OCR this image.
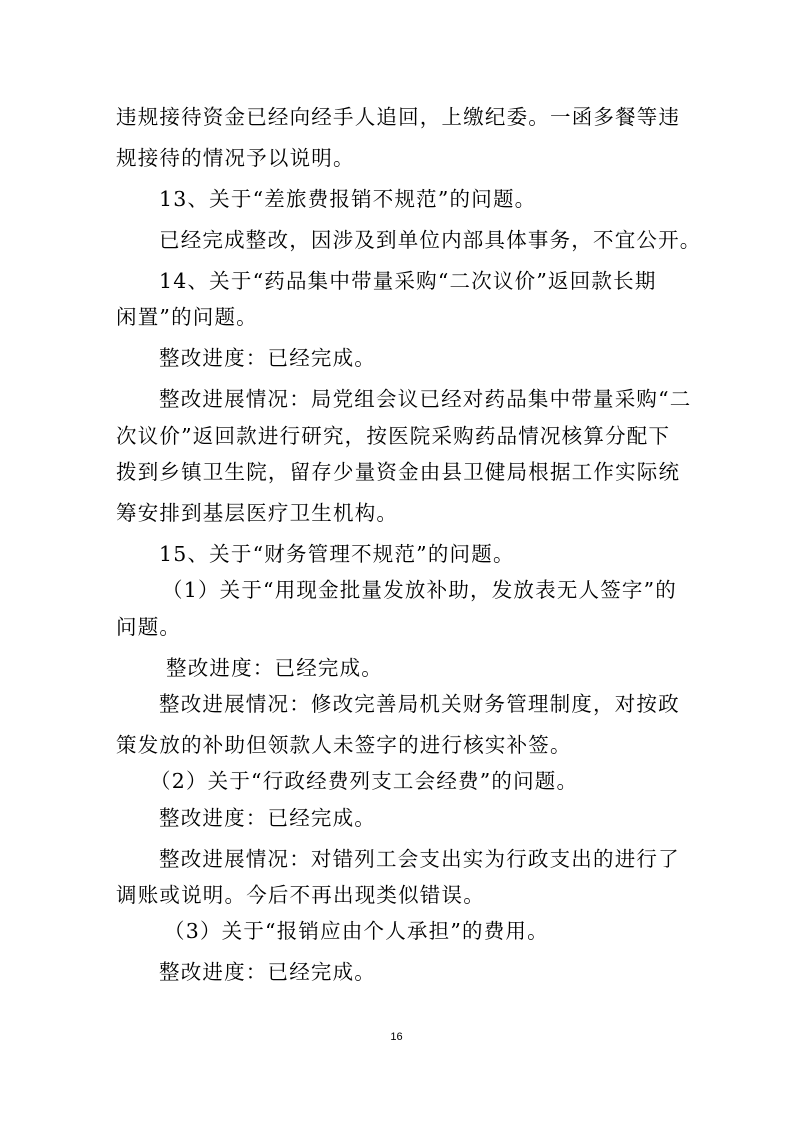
违规接待资金已经向经手人追回，上缴纪委。一函多餐等违
规接待的情况予以说明。
13、关于“差旅费报销不规范”的问题。
已经完成整改，因涉及到单位内部具体事务，不宜公开。
14、关于“药品集中带量采购“二次议价”返回款长期
闲置”的问题。
整改进度：已经完成。
整改进展情况：局党组会议已经对药品集中带量采购“二
次议价”返回款进行研究，按医院采购药品情况核算分配下
拨到乡镇卫生院，留存少量资金由县卫健局根据工作实际统
筹安排到基层医疗卫生机构。
15、关于“财务管理不规范”的问题。
（1）关于“用现金批量发放补助，发放表无人签字”的
问题。
整改进度：已经完成。
整改进展情况：修改完善局机关财务管理制度，对按政
策发放的补助但领款人未签字的进行核实补签。
（2）关于“行政经费列支工会经费”的问题。
整改进度：已经完成。
整改进展情况：对错列工会支出实为行政支出的进行了
调账或说明。今后不再出现类似错误。
（3）关于“报销应由个人承担”的费用。
整改进度：已经完成。
16
